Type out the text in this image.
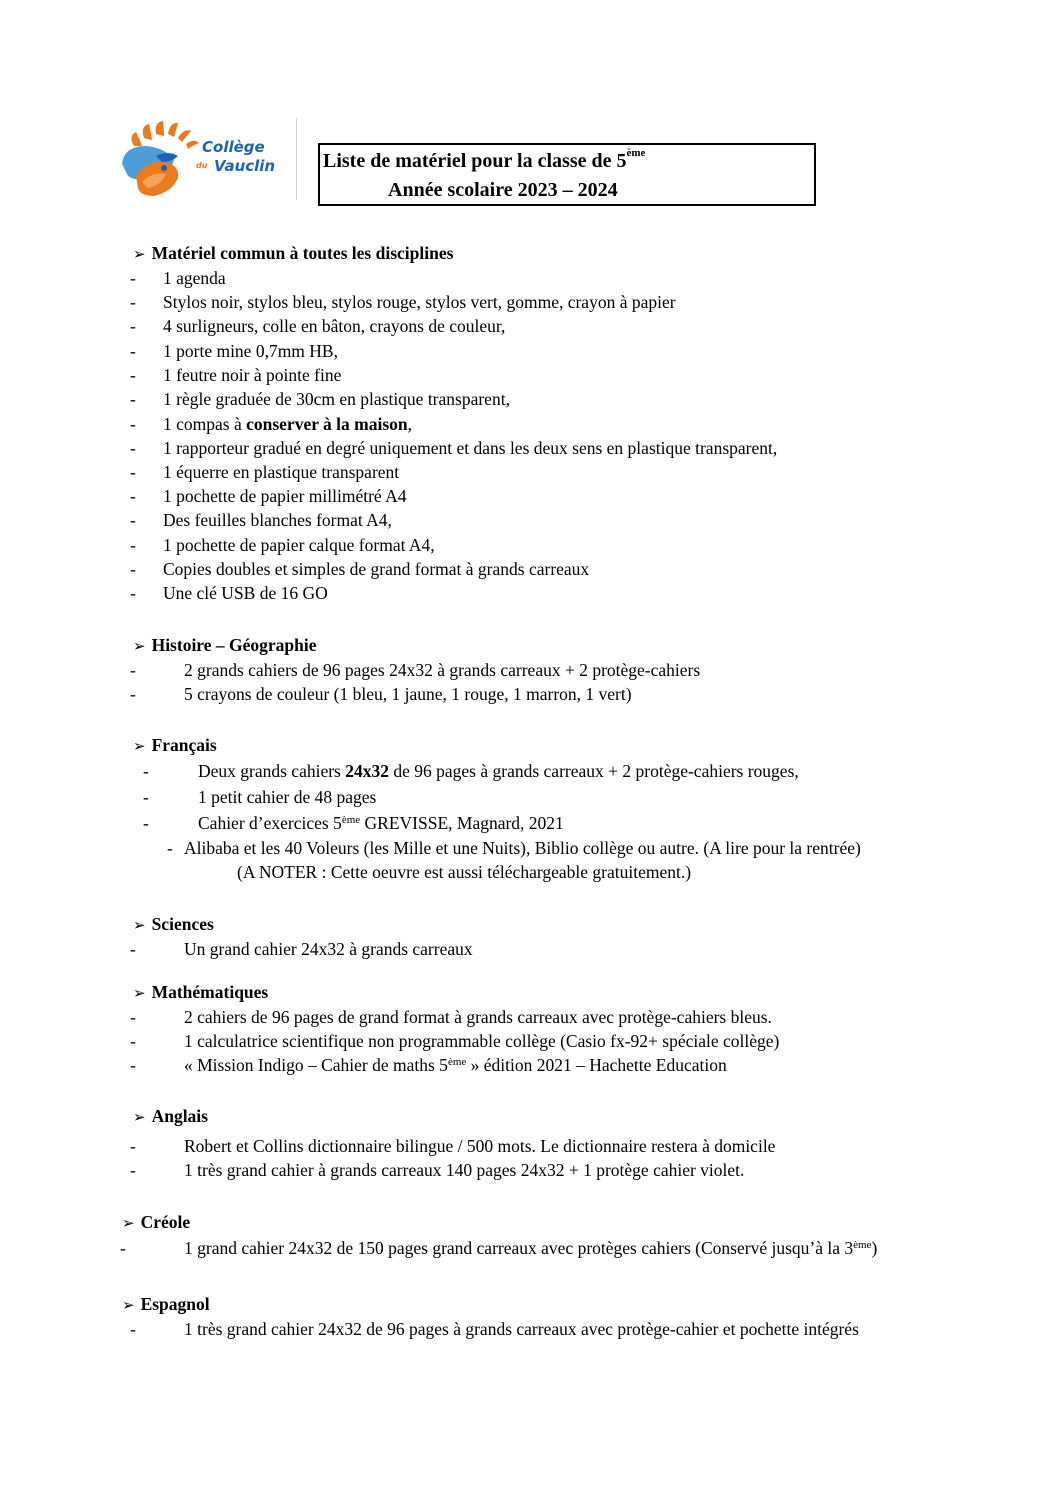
Collège
du Vauclin Liste de matériel pour la classe de 5ème
Année scolaire 2023 – 2024
➢ Matériel commun à toutes les disciplines
- 1 agenda
- Stylos noir, stylos bleu, stylos rouge, stylos vert, gomme, crayon à papier
- 4 surligneurs, colle en bâton, crayons de couleur,
- 1 porte mine 0,7mm HB,
- 1 feutre noir à pointe fine
- 1 règle graduée de 30cm en plastique transparent,
- 1 compas à conserver à la maison,
- 1 rapporteur gradué en degré uniquement et dans les deux sens en plastique transparent,
- 1 équerre en plastique transparent
- 1 pochette de papier millimétré A4
- Des feuilles blanches format A4,
- 1 pochette de papier calque format A4,
- Copies doubles et simples de grand format à grands carreaux
- Une clé USB de 16 GO
➢ Histoire – Géographie
-	2 grands cahiers de 96 pages 24x32 à grands carreaux + 2 protège-cahiers
-	5 crayons de couleur (1 bleu, 1 jaune, 1 rouge, 1 marron, 1 vert)
➢ Français
-	Deux grands cahiers 24x32 de 96 pages à grands carreaux + 2 protège-cahiers rouges,
-	1 petit cahier de 48 pages
-	Cahier d’exercices 5ème GREVISSE, Magnard, 2021
- Alibaba et les 40 Voleurs (les Mille et une Nuits), Biblio collège ou autre. (A lire pour la rentrée)
(A NOTER : Cette oeuvre est aussi téléchargeable gratuitement.)
➢ Sciences
-	Un grand cahier 24x32 à grands carreaux
➢ Mathématiques
-	2 cahiers de 96 pages de grand format à grands carreaux avec protège-cahiers bleus.
-	1 calculatrice scientifique non programmable collège (Casio fx-92+ spéciale collège)
-	« Mission Indigo – Cahier de maths 5ème » édition 2021 – Hachette Education
➢ Anglais
-	Robert et Collins dictionnaire bilingue / 500 mots. Le dictionnaire restera à domicile
-	1 très grand cahier à grands carreaux 140 pages 24x32 + 1 protège cahier violet.
➢ Créole
-	1 grand cahier 24x32 de 150 pages grand carreaux avec protèges cahiers (Conservé jusqu’à la 3ème)
➢ Espagnol
-	1 très grand cahier 24x32 de 96 pages à grands carreaux avec protège-cahier et pochette intégrés
